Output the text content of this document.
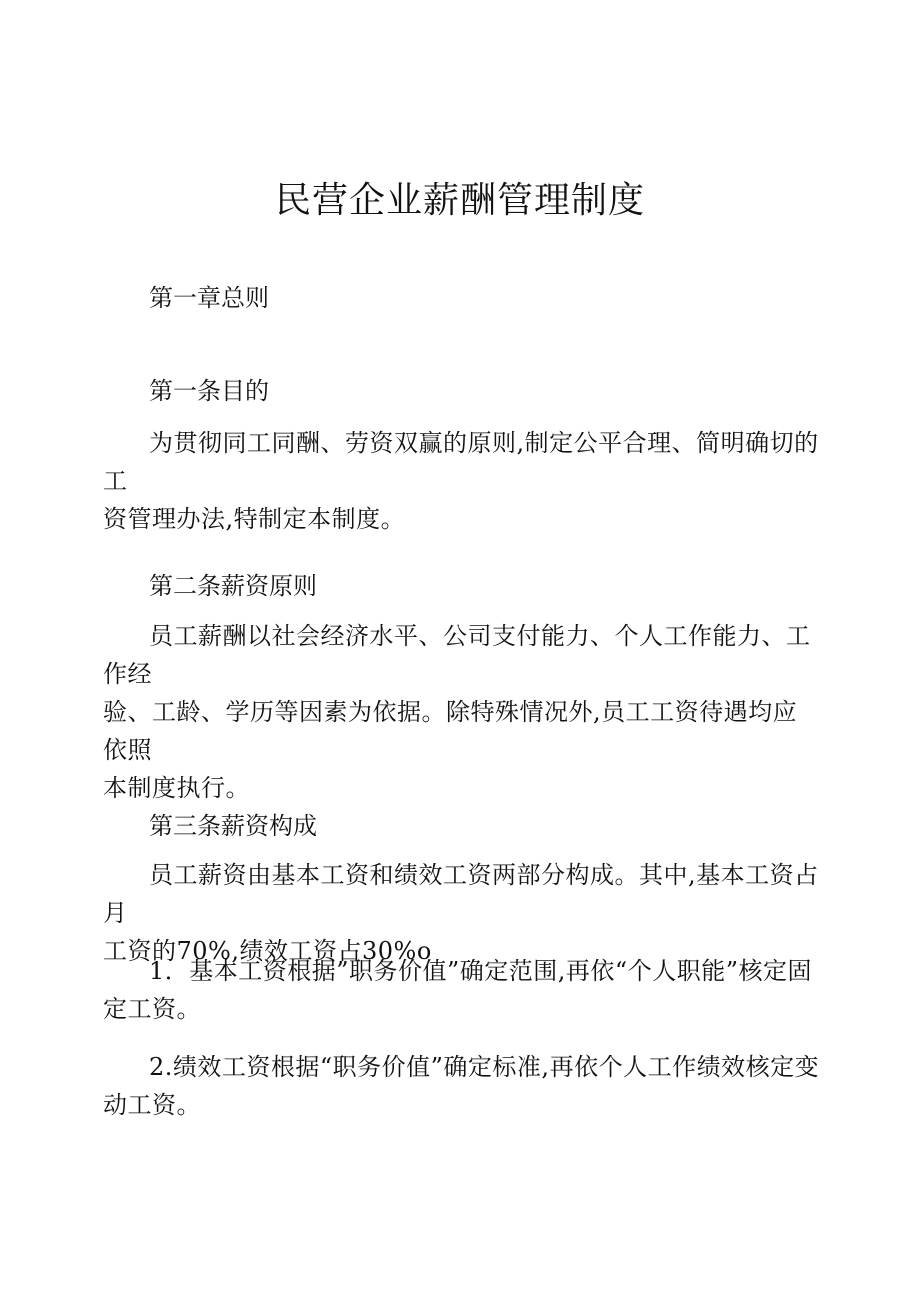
民营企业薪酬管理制度
第一章总则
第一条目的
为贯彻同工同酬、劳资双赢的原则,制定公平合理、简明确切的工
资管理办法,特制定本制度。
第二条薪资原则
员工薪酬以社会经济水平、公司支付能力、个人工作能力、工作经
验、工龄、学历等因素为依据。除特殊情况外,员工工资待遇均应依照
本制度执行。
第三条薪资构成
员工薪资由基本工资和绩效工资两部分构成。其中,基本工资占月
工资的70%,绩效工资占30%o
1．基本工资根据”职务价值”确定范围,再依“个人职能”核定固
定工资。
2.绩效工资根据“职务价值”确定标准,再依个人工作绩效核定变
动工资。
